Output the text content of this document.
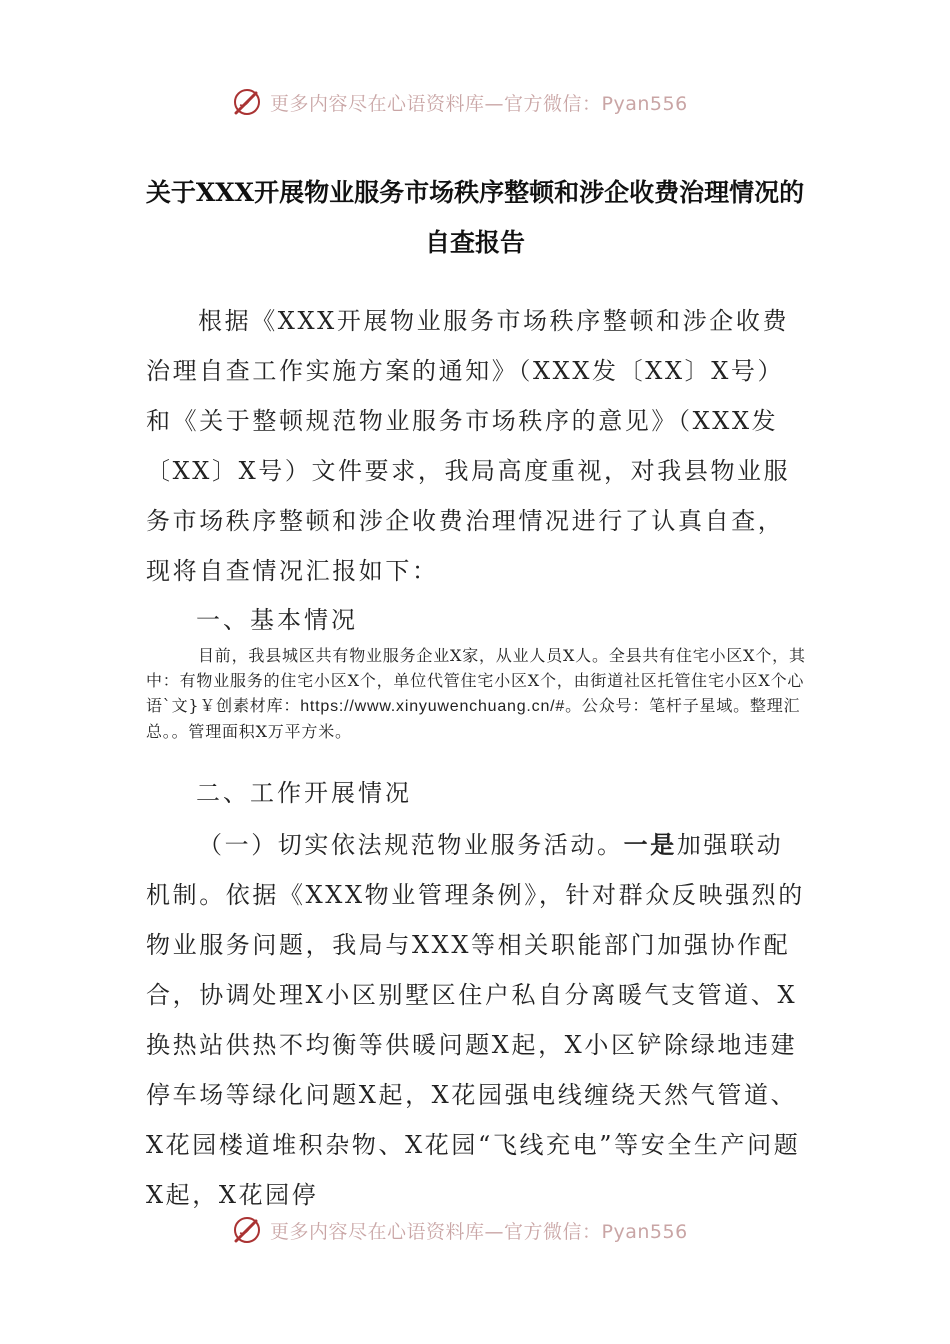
更多内容尽在心语资料库—官方微信：Pyan556
关于XXX开展物业服务市场秩序整顿和涉企收费治理情况的
自查报告
根据《XXX开展物业服务市场秩序整顿和涉企收费治理自查工作实施方案的通知》（XXX发〔XX〕X号）和《关于整顿规范物业服务市场秩序的意见》（XXX发〔XX〕X号）文件要求，我局高度重视，对我县物业服务市场秩序整顿和涉企收费治理情况进行了认真自查，现将自查情况汇报如下：
一、基本情况
目前，我县城区共有物业服务企业X家，从业人员X人。全县共有住宅小区X个，其中：有物业服务的住宅小区X个，单位代管住宅小区X个，由街道社区托管住宅小区X个心语`文}￥创素材库：https://www.xinyuwenchuang.cn/#。公众号：笔杆子星域。整理汇总。。管理面积X万平方米。
二、工作开展情况
（一）切实依法规范物业服务活动。一是加强联动机制。依据《XXX物业管理条例》，针对群众反映强烈的物业服务问题，我局与XXX等相关职能部门加强协作配合，协调处理X小区别墅区住户私自分离暖气支管道、X换热站供热不均衡等供暖问题X起，X小区铲除绿地违建停车场等绿化问题X起，X花园强电线缠绕天然气管道、X花园楼道堆积杂物、X花园“飞线充电”等安全生产问题X起，X花园停
更多内容尽在心语资料库—官方微信：Pyan556
